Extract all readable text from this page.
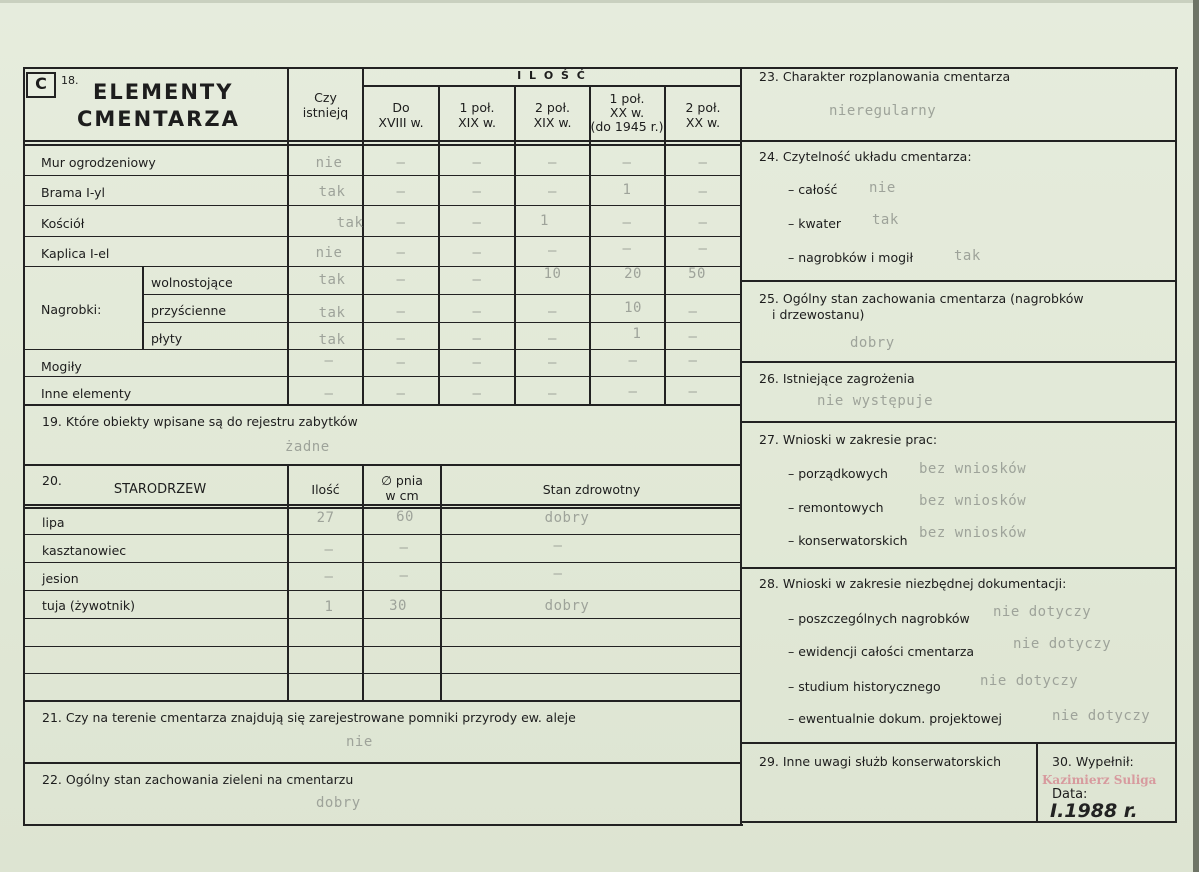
C	18. ELEMENTY
CMENTARZA
Czy
istniejq
I L O Ś Ć
Do
XVIII w.
1 poł.
XIX w.
2 poł.
XIX w.
1 poł.
XX w.
(do 1945 r.)
2 poł.
XX w.
Mur ogrodzeniowy	nie	–	–	–	–	–
Brama I-yl	tak	–	–	–	1	–
Kościół	tak	–	–	1	–	–
Kaplica I-el	nie	–	–	–	–	–
Nagrobki:
wolnostojące	tak	–	–	10	20	50
przyścienne	tak	–	–	–	10	–
płyty	tak	–	–	–	1	–
Mogiły	–	–	–	–	–	–
Inne elementy	–	–	–	–	–	–
19. Które obiekty wpisane są do rejestru zabytków
żadne
20.
STARODRZEW	Ilość
∅ pnia
w cm	Stan zdrowotny
lipa	27	60	dobry
kasztanowiec	–	–	–
jesion	–	–	–
tuja (żywotnik)	1	30	dobry
21. Czy na terenie cmentarza znajdują się zarejestrowane pomniki przyrody ew. aleje
nie
22. Ogólny stan zachowania zieleni na cmentarzu
dobry
23. Charakter rozplanowania cmentarza
nieregularny
24. Czytelność układu cmentarza:
– całość nie
– kwater tak
– nagrobków i mogił	tak
25. Ogólny stan zachowania cmentarza (nagrobków
i drzewostanu)
dobry
26. Istniejące zagrożenia
nie występuje
27. Wnioski w zakresie prac:
– porządkowych bez wniosków
– remontowych	bez wniosków
– konserwatorskich bez wniosków
28. Wnioski w zakresie niezbędnej dokumentacji:
– poszczególnych nagrobków nie dotyczy
– ewidencji całości cmentarza	nie dotyczy
– studium historycznego	nie dotyczy
– ewentualnie dokum. projektowej	nie dotyczy
29. Inne uwagi służb konserwatorskich	30. Wypełnił:
Kazimierz Suliga
Data:
I.1988 r.
